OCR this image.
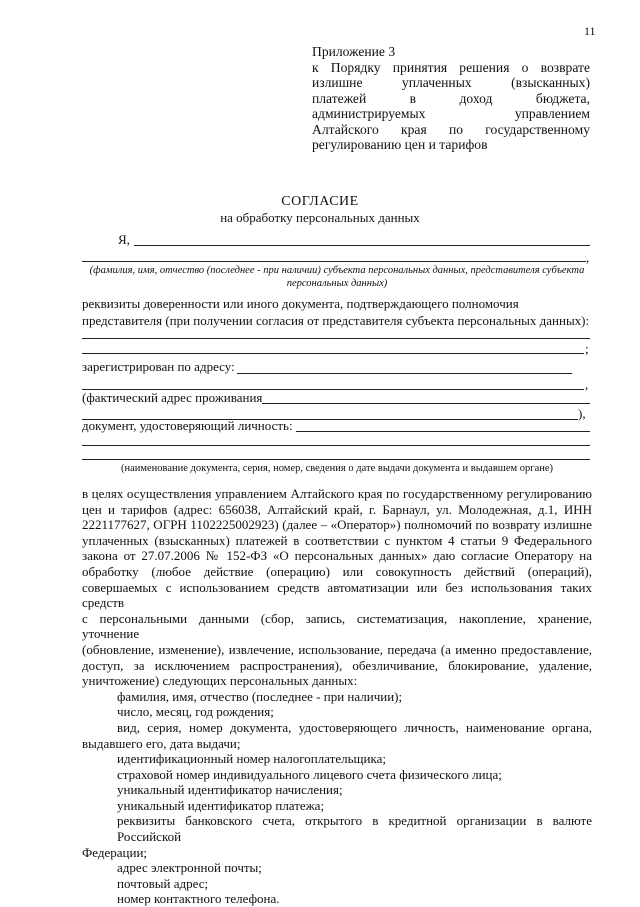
11
Приложение 3
к Порядку принятия решения о возврате
излишне уплаченных (взысканных)
платежей в доход бюджета,
администрируемых управлением
Алтайского края по государственному
регулированию цен и тарифов
СОГЛАСИЕ
на обработку персональных данных
Я,
,
(фамилия, имя, отчество (последнее - при наличии) субъекта персональных данных, представителя субъекта
персональных данных)
реквизиты доверенности или иного документа, подтверждающего полномочия
представителя (при получении согласия от представителя субъекта персональных данных):
;
зарегистрирован по адресу:
,
(фактический адрес проживания
),
документ, удостоверяющий личность:
(наименование документа, серия, номер, сведения о дате выдачи документа и выдавшем органе)
в целях осуществления управлением Алтайского края по государственному регулированию
цен и тарифов (адрес: 656038, Алтайский край, г. Барнаул, ул. Молодежная, д.1, ИНН
2221177627, ОГРН 1102225002923) (далее – «Оператор») полномочий по возврату излишне
уплаченных (взысканных) платежей в соответствии с пунктом 4 статьи 9 Федерального
закона от 27.07.2006 № 152-ФЗ «О персональных данных» даю согласие Оператору на
обработку (любое действие (операцию) или совокупность действий (операций),
совершаемых с использованием средств автоматизации или без использования таких средств
с персональными данными (сбор, запись, систематизация, накопление, хранение, уточнение
(обновление, изменение), извлечение, использование, передача (а именно предоставление,
доступ, за исключением распространения), обезличивание, блокирование, удаление,
уничтожение) следующих персональных данных:
фамилия, имя, отчество (последнее - при наличии);
число, месяц, год рождения;
вид, серия, номер документа, удостоверяющего личность, наименование органа,
выдавшего его, дата выдачи;
идентификационный номер налогоплательщика;
страховой номер индивидуального лицевого счета физического лица;
уникальный идентификатор начисления;
уникальный идентификатор платежа;
реквизиты банковского счета, открытого в кредитной организации в валюте Российской
Федерации;
адрес электронной почты;
почтовый адрес;
номер контактного телефона.
